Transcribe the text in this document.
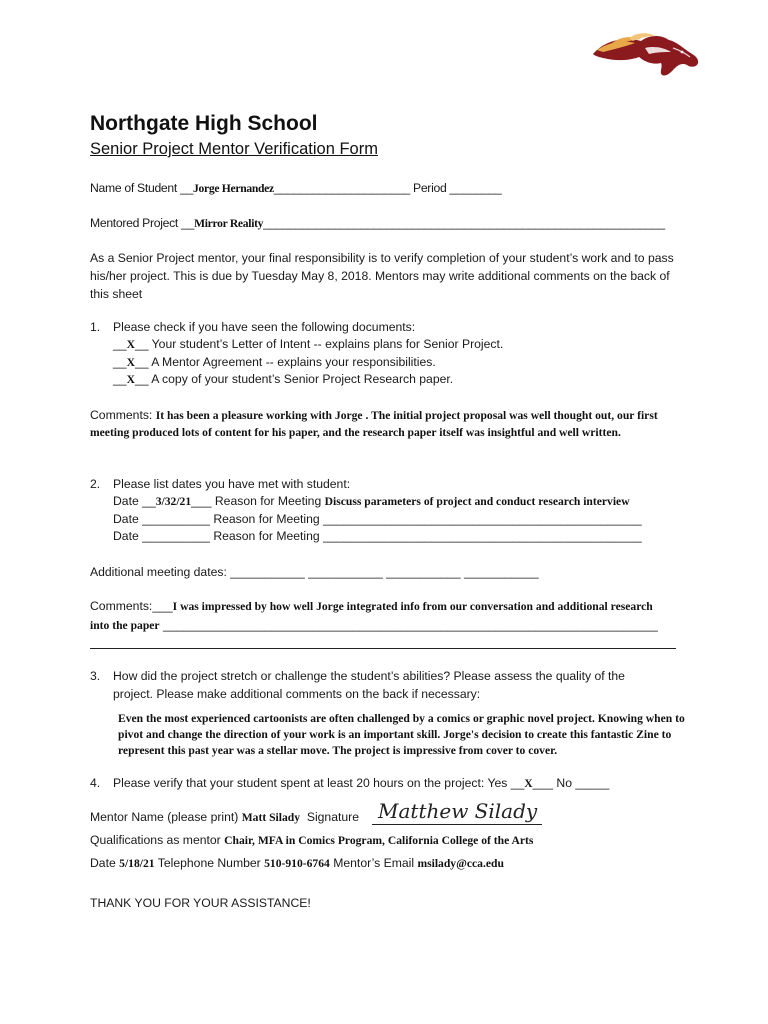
Northgate High School
Senior Project Mentor Verification Form
Name of Student __Jorge Hernandez_____________________ Period ________
Mentored Project __Mirror Reality______________________________________________________________
As a Senior Project mentor, your final responsibility is to verify completion of your student’s work and to pass his/her project. This is due by Tuesday May 8, 2018. Mentors may write additional comments on the back of this sheet
1. Please check if you have seen the following documents:
__X__ Your student’s Letter of Intent -- explains plans for Senior Project.
__X__ A Mentor Agreement -- explains your responsibilities.
__X__ A copy of your student’s Senior Project Research paper.
Comments: It has been a pleasure working with Jorge . The initial project proposal was well thought out, our first
meeting produced lots of content for his paper, and the research paper itself was insightful and well written.
2. Please list dates you have met with student:
Date __3/32/21___ Reason for Meeting Discuss parameters of project and conduct research interview
Date __________ Reason for Meeting _______________________________________________
Date __________ Reason for Meeting _______________________________________________
Additional meeting dates: ___________ ___________ ___________ ___________
Comments:___I was impressed by how well Jorge integrated info from our conversation and additional research
into the paper _________________________________________________________________________
3. How did the project stretch or challenge the student’s abilities? Please assess the quality of the
project. Please make additional comments on the back if necessary:
Even the most experienced cartoonists are often challenged by a comics or graphic novel project. Knowing when to
pivot and change the direction of your work is an important skill. Jorge's decision to create this fantastic Zine to
represent this past year was a stellar move. The project is impressive from cover to cover.
4. Please verify that your student spent at least 20 hours on the project: Yes __X___ No _____
Mentor Name (please print) Matt Silady Signature Matthew Silady
Qualifications as mentor Chair, MFA in Comics Program, California College of the Arts
Date 5/18/21 Telephone Number 510-910-6764 Mentor’s Email msilady@cca.edu
THANK YOU FOR YOUR ASSISTANCE!
